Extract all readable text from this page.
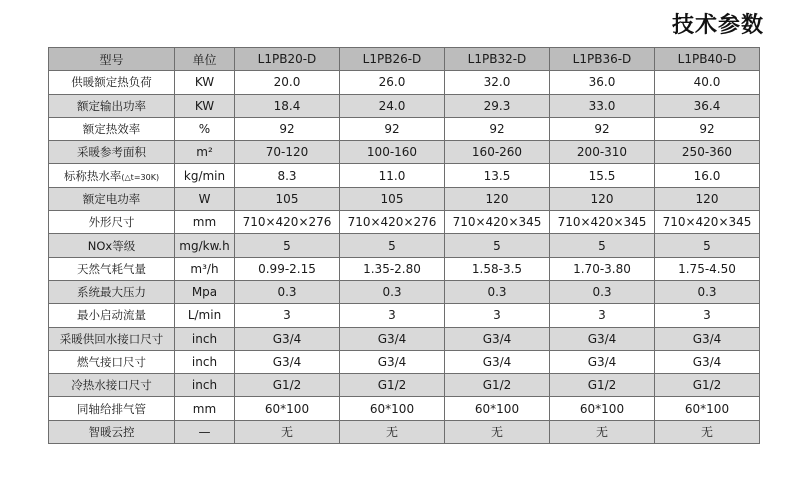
技术参数
型号	单位	L1PB20-D	L1PB26-D	L1PB32-D	L1PB36-D	L1PB40-D
供暖额定热负荷	KW	20.0	26.0	32.0	36.0	40.0
额定输出功率	KW	18.4	24.0	29.3	33.0	36.4
额定热效率	%	92	92	92	92	92
采暖参考面积	m²	70-120	100-160	160-260	200-310	250-360
标称热水率(△t=30K)	kg/min	8.3	11.0	13.5	15.5	16.0
额定电功率	W	105	105	120	120	120
外形尺寸	mm	710×420×276	710×420×276	710×420×345	710×420×345	710×420×345
NOx等级	mg/kw.h	5	5	5	5	5
天然气耗气量	m³/h	0.99-2.15	1.35-2.80	1.58-3.5	1.70-3.80	1.75-4.50
系统最大压力	Mpa	0.3	0.3	0.3	0.3	0.3
最小启动流量	L/min	3	3	3	3	3
采暖供回水接口尺寸	inch	G3/4	G3/4	G3/4	G3/4	G3/4
燃气接口尺寸	inch	G3/4	G3/4	G3/4	G3/4	G3/4
冷热水接口尺寸	inch	G1/2	G1/2	G1/2	G1/2	G1/2
同轴给排气管	mm	60*100	60*100	60*100	60*100	60*100
智暖云控	—	无	无	无	无	无
